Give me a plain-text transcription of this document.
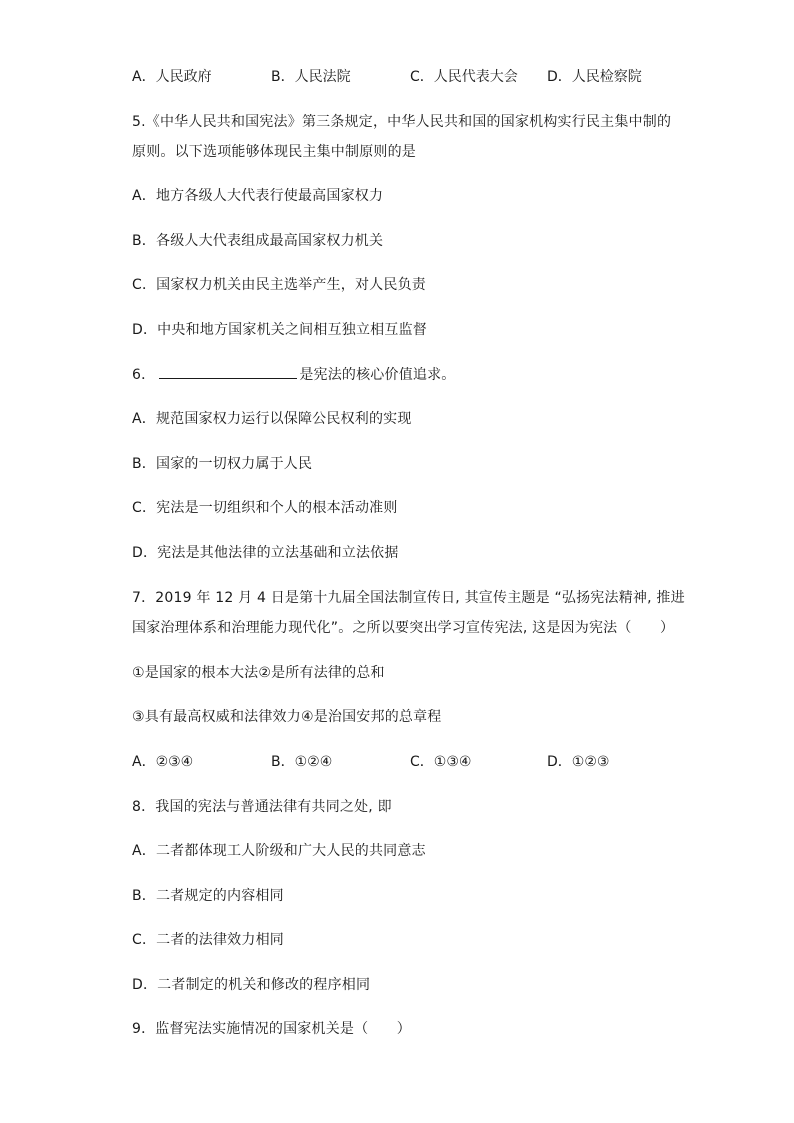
A．人民政府	B．人民法院	C．人民代表大会 D．人民检察院
5.《中华人民共和国宪法》第三条规定，中华人民共和国的国家机构实行民主集中制的
原则。以下选项能够体现民主集中制原则的是
A．地方各级人大代表行使最高国家权力
B．各级人大代表组成最高国家权力机关
C．国家权力机关由民主选举产生，对人民负责
D．中央和地方国家机关之间相互独立相互监督
6．	是宪法的核心价值追求。
A．规范国家权力运行以保障公民权利的实现
B．国家的一切权力属于人民
C．宪法是一切组织和个人的根本活动准则
D．宪法是其他法律的立法基础和立法依据
7．2019 年 12 月 4 日是第十九届全国法制宣传日, 其宣传主题是 “弘扬宪法精神, 推进
国家治理体系和治理能力现代化”。之所以要突出学习宣传宪法, 这是因为宪法（　　）
①是国家的根本大法②是所有法律的总和
③具有最高权威和法律效力④是治国安邦的总章程
A．②③④	B．①②④	C．①③④	D．①②③
8．我国的宪法与普通法律有共同之处, 即
A．二者都体现工人阶级和广大人民的共同意志
B．二者规定的内容相同
C．二者的法律效力相同
D．二者制定的机关和修改的程序相同
9．监督宪法实施情况的国家机关是（　　）
